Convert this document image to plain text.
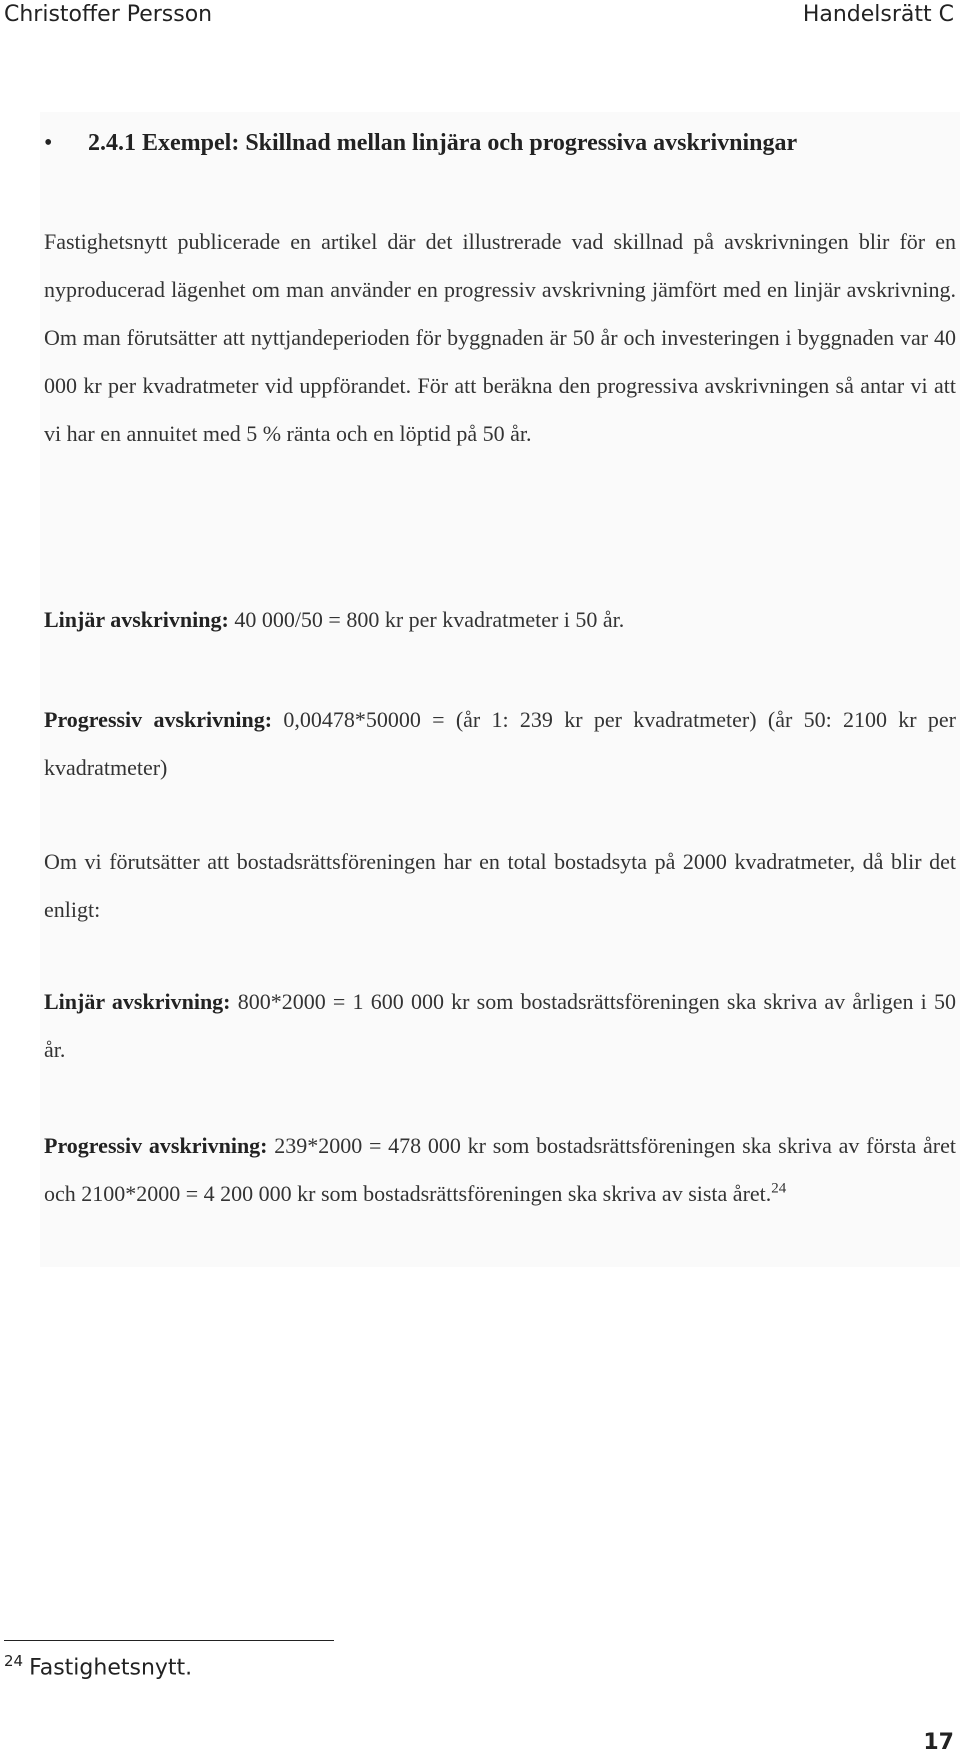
Christoffer Persson	Handelsrätt C
• 2.4.1 Exempel: Skillnad mellan linjära och progressiva avskrivningar
Fastighetsnytt publicerade en artikel där det illustrerade vad skillnad på avskrivningen blir för en nyproducerad lägenhet om man använder en progressiv avskrivning jämfört med en linjär avskrivning. Om man förutsätter att nyttjandeperioden för byggnaden är 50 år och investeringen i byggnaden var 40 000 kr per kvadratmeter vid uppförandet. För att beräkna den progressiva avskrivningen så antar vi att vi har en annuitet med 5 % ränta och en löptid på 50 år.
Linjär avskrivning: 40 000/50 = 800 kr per kvadratmeter i 50 år.
Progressiv avskrivning: 0,00478*50000 = (år 1: 239 kr per kvadratmeter) (år 50: 2100 kr per kvadratmeter)
Om vi förutsätter att bostadsrättsföreningen har en total bostadsyta på 2000 kvadratmeter, då blir det enligt:
Linjär avskrivning: 800*2000 = 1 600 000 kr som bostadsrättsföreningen ska skriva av årligen i 50 år.
Progressiv avskrivning: 239*2000 = 478 000 kr som bostadsrättsföreningen ska skriva av första året och 2100*2000 = 4 200 000 kr som bostadsrättsföreningen ska skriva av sista året.$^{24}$
$^{24}$ Fastighetsnytt.
17
